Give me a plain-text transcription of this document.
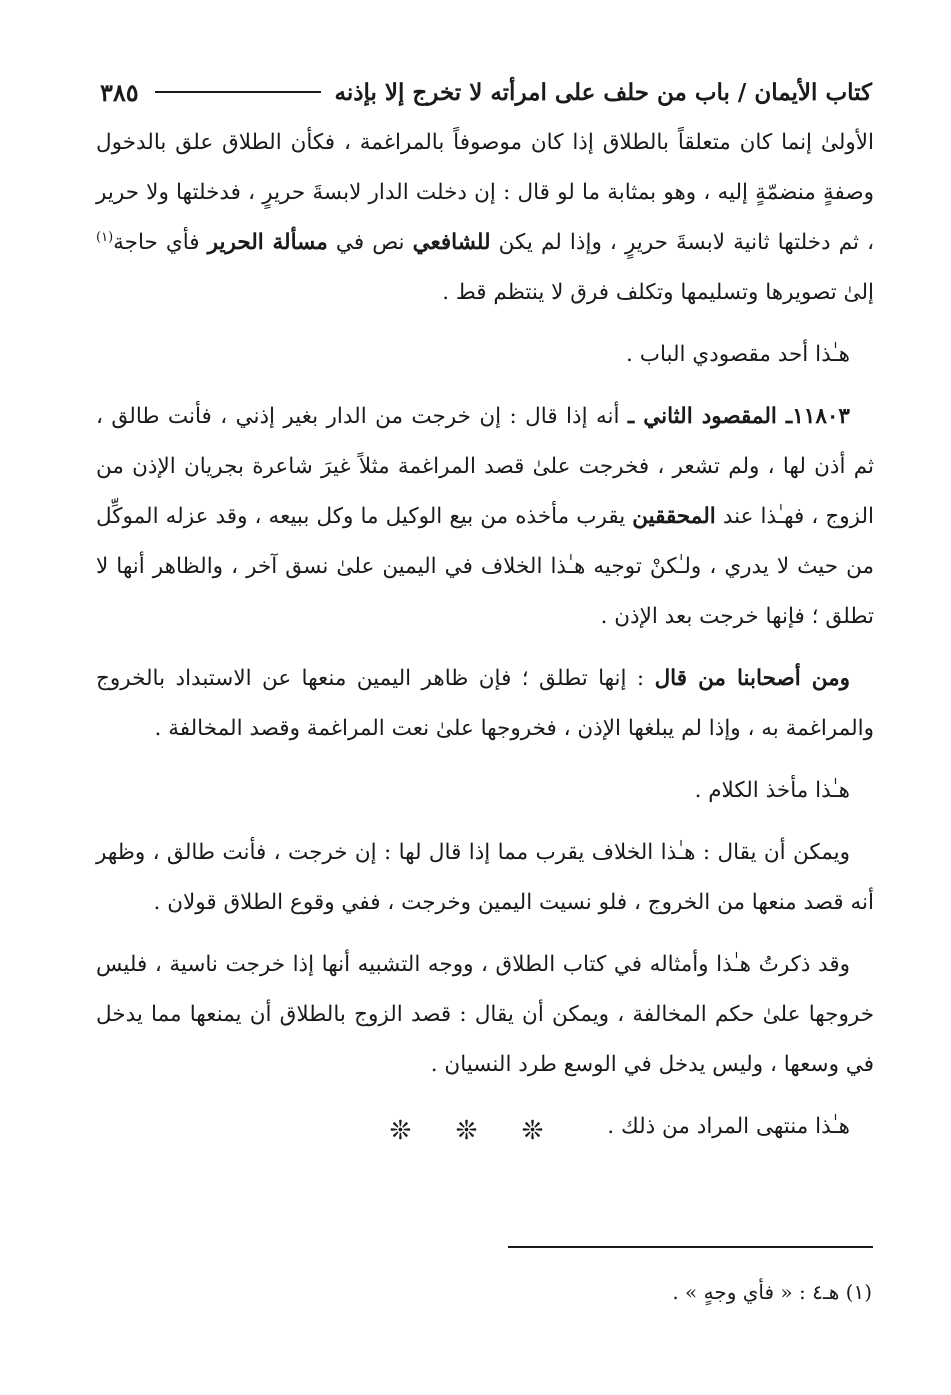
كتاب الأيمان / باب من حلف على امرأته لا تخرج إلا بإذنه
٣٨٥

الأولىٰ إنما كان متعلقاً بالطلاق إذا كان موصوفاً بالمراغمة ، فكأن الطلاق علق بالدخول وصفةٍ منضمّةٍ إليه ، وهو بمثابة ما لو قال : إن دخلت الدار لابسةَ حريرٍ ، فدخلتها ولا حرير ، ثم دخلتها ثانية لابسةَ حريرٍ ، وإذا لم يكن للشافعي نص في مسألة الحرير فأي حاجة$^{(١)}$ إلىٰ تصويرها وتسليمها وتكلف فرق لا ينتظم قط .

هـٰذا أحد مقصودي الباب .

١١٨٠٣ـ المقصود الثاني ـ أنه إذا قال : إن خرجت من الدار بغير إذني ، فأنت طالق ، ثم أذن لها ، ولم تشعر ، فخرجت علىٰ قصد المراغمة مثلاً غيرَ شاعرة بجريان الإذن من الزوج ، فهـٰذا عند المحققين يقرب مأخذه من بيع الوكيل ما وكل ببيعه ، وقد عزله الموكِّل من حيث لا يدري ، ولـٰكنْ توجيه هـٰذا الخلاف في اليمين علىٰ نسق آخر ، والظاهر أنها لا تطلق ؛ فإنها خرجت بعد الإذن .

ومن أصحابنا من قال : إنها تطلق ؛ فإن ظاهر اليمين منعها عن الاستبداد بالخروج والمراغمة به ، وإذا لم يبلغها الإذن ، فخروجها علىٰ نعت المراغمة وقصد المخالفة .

هـٰذا مأخذ الكلام .

ويمكن أن يقال : هـٰذا الخلاف يقرب مما إذا قال لها : إن خرجت ، فأنت طالق ، وظهر أنه قصد منعها من الخروج ، فلو نسيت اليمين وخرجت ، ففي وقوع الطلاق قولان .

وقد ذكرتُ هـٰذا وأمثاله في كتاب الطلاق ، ووجه التشبيه أنها إذا خرجت ناسية ، فليس خروجها علىٰ حكم المخالفة ، ويمكن أن يقال : قصد الزوج بالطلاق أن يمنعها مما يدخل في وسعها ، وليس يدخل في الوسع طرد النسيان .

هـٰذا منتهى المراد من ذلك .

❊ ❊ ❊
(١) هـ٤ : « فأي وجهٍ » .
